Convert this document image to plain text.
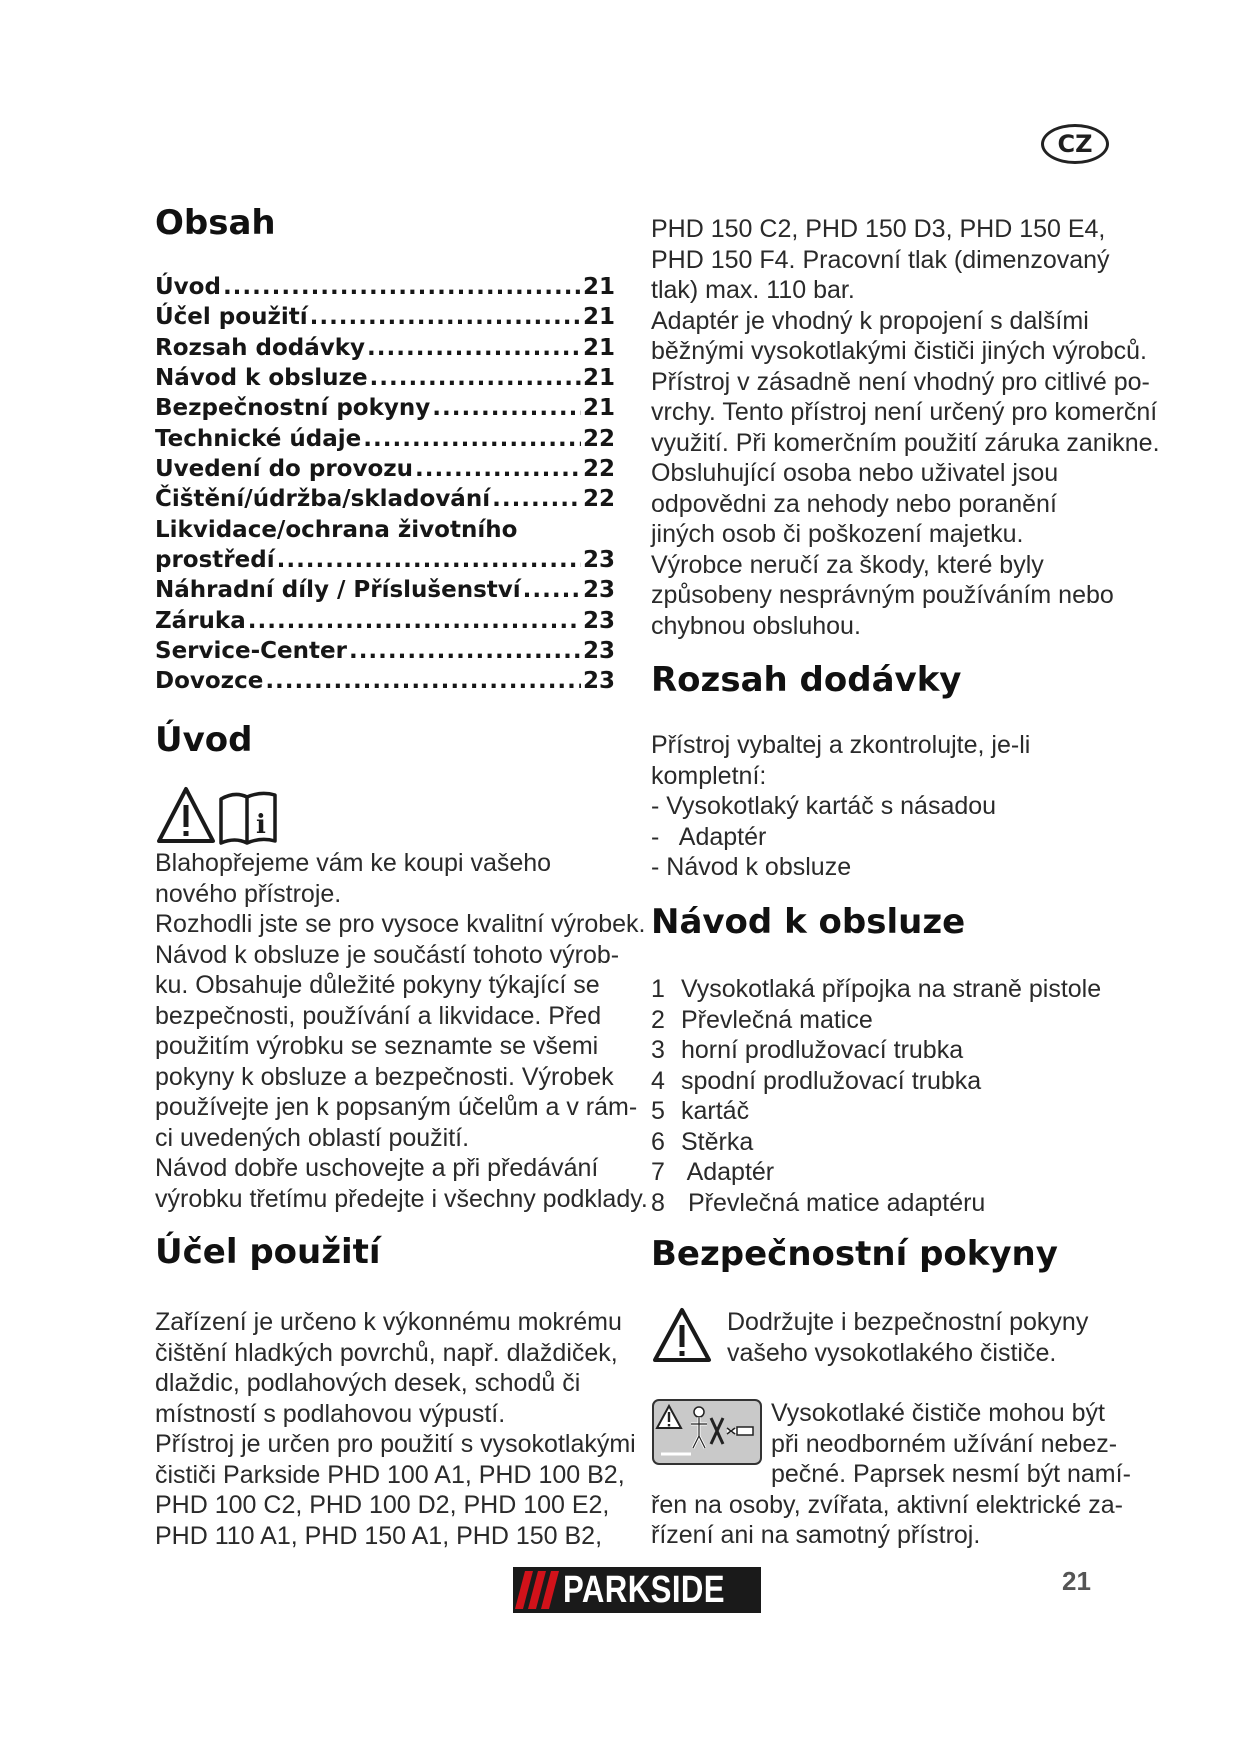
CZ
Obsah
Úvod .....	21
Účel použití .....	21
Rozsah dodávky .....	21
Návod k obsluze .....	21
Bezpečnostní pokyny .....	21
Technické údaje .....	22
Uvedení do provozu .....	22
Čištění/údržba/skladování .....	22
Likvidace/ochrana životního
prostředí .....	23
Náhradní díly / Příslušenství .....	23
Záruka .....	23
Service-Center .....	23
Dovozce .....	23
Úvod
i
Blahopřejeme vám ke koupi vašeho
nového přístroje.
Rozhodli jste se pro vysoce kvalitní výrobek.
Návod k obsluze je součástí tohoto výrob-
ku. Obsahuje důležité pokyny týkající se
bezpečnosti, používání a likvidace. Před
použitím výrobku se seznamte se všemi
pokyny k obsluze a bezpečnosti. Výrobek
používejte jen k popsaným účelům a v rám-
ci uvedených oblastí použití.
Návod dobře uschovejte a při předávání
výrobku třetímu předejte i všechny podklady.
Účel použití
Zařízení je určeno k výkonnému mokrému
čištění hladkých povrchů, např. dlaždiček,
dlaždic, podlahových desek, schodů či
místností s podlahovou výpustí.
Přístroj je určen pro použití s vysokotlakými
čističi Parkside PHD 100 A1, PHD 100 B2,
PHD 100 C2, PHD 100 D2, PHD 100 E2,
PHD 110 A1, PHD 150 A1, PHD 150 B2,
PHD 150 C2, PHD 150 D3, PHD 150 E4,
PHD 150 F4. Pracovní tlak (dimenzovaný
tlak) max. 110 bar.
Adaptér je vhodný k propojení s dalšími
běžnými vysokotlakými čističi jiných výrobců.
Přístroj v zásadně není vhodný pro citlivé po-
vrchy. Tento přístroj není určený pro komerční
využití. Při komerčním použití záruka zanikne.
Obsluhující osoba nebo uživatel jsou
odpovědni za nehody nebo poranění
jiných osob či poškození majetku.
Výrobce neručí za škody, které byly
způsobeny nesprávným používáním nebo
chybnou obsluhou.
Rozsah dodávky
Přístroj vybaltej a zkontrolujte, je-li
kompletní:
- Vysokotlaký kartáč s násadou
-   Adaptér
- Návod k obsluze
Návod k obsluze
1 Vysokotlaká přípojka na straně pistole
2 Převlečná matice
3 horní prodlužovací trubka
4 spodní prodlužovací trubka
5 kartáč
6 Stěrka
7 Adaptér
8 Převlečná matice adaptéru
Bezpečnostní pokyny
Dodržujte i bezpečnostní pokyny
vašeho vysokotlakého čističe.
Vysokotlaké čističe mohou být
při neodborném užívání nebez-
pečné. Paprsek nesmí být namí-
řen na osoby, zvířata, aktivní elektrické za-
řízení ani na samotný přístroj.
PARKSIDE	21
